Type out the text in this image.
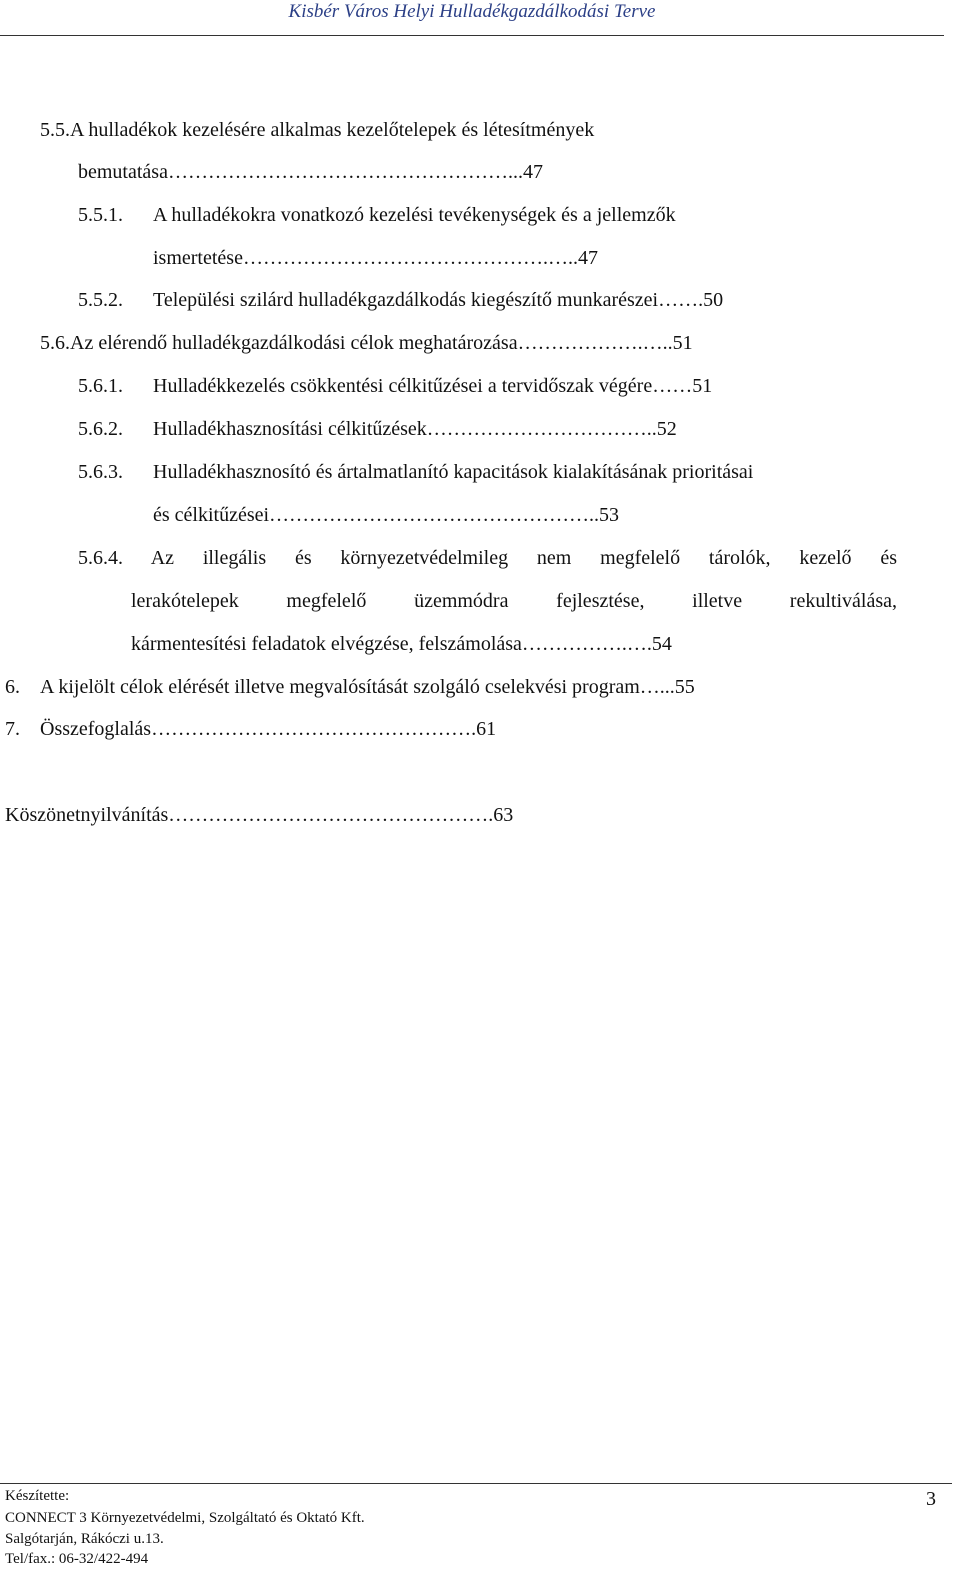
Kisbér Város Helyi Hulladékgazdálkodási Terve
5.5.A hulladékok kezelésére alkalmas kezelőtelepek és létesítmények
bemutatása……………………………………………...47
5.5.1. A hulladékokra vonatkozó kezelési tevékenységek és a jellemzők
ismertetése……………………………………….…..47
5.5.2. Települési szilárd hulladékgazdálkodás kiegészítő munkarészei…….50
5.6.Az elérendő hulladékgazdálkodási célok meghatározása……………….…..51
5.6.1. Hulladékkezelés csökkentési célkitűzései a tervidőszak végére……51
5.6.2. Hulladékhasznosítási célkitűzések……………………………..52
5.6.3. Hulladékhasznosító és ártalmatlanító kapacitások kialakításának prioritásai
és célkitűzései…………………………………………..53
5.6.4. Az illegális és környezetvédelmileg nem megfelelő tárolók, kezelő és
lerakótelepek megfelelő üzemmódra fejlesztése, illetve rekultiválása,
kármentesítési feladatok elvégzése, felszámolása…………….….54
6. A kijelölt célok elérését illetve megvalósítását szolgáló cselekvési program…...55
7. Összefoglalás………………………………………….61
Köszönetnyilvánítás………………………………………….63
Készítette:
CONNECT 3 Környezetvédelmi, Szolgáltató és Oktató Kft.
Salgótarján, Rákóczi u.13.
Tel/fax.: 06-32/422-494
3
